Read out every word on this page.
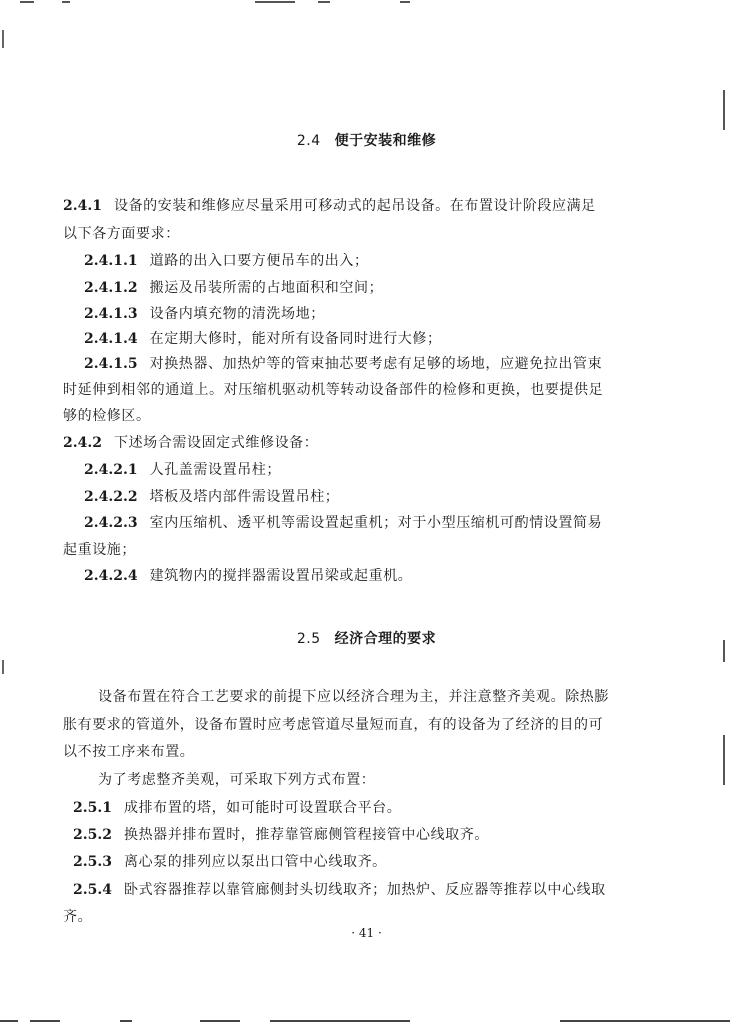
2.4 便于安装和维修
2.4.1 设备的安装和维修应尽量采用可移动式的起吊设备。在布置设计阶段应满足
以下各方面要求：
2.4.1.1 道路的出入口要方便吊车的出入；
2.4.1.2 搬运及吊装所需的占地面积和空间；
2.4.1.3 设备内填充物的清洗场地；
2.4.1.4 在定期大修时，能对所有设备同时进行大修；
2.4.1.5 对换热器、加热炉等的管束抽芯要考虑有足够的场地，应避免拉出管束
时延伸到相邻的通道上。对压缩机驱动机等转动设备部件的检修和更换，也要提供足
够的检修区。
2.4.2 下述场合需设固定式维修设备：
2.4.2.1 人孔盖需设置吊柱；
2.4.2.2 塔板及塔内部件需设置吊柱；
2.4.2.3 室内压缩机、透平机等需设置起重机；对于小型压缩机可酌情设置简易
起重设施；
2.4.2.4 建筑物内的搅拌器需设置吊梁或起重机。
2.5 经济合理的要求
设备布置在符合工艺要求的前提下应以经济合理为主，并注意整齐美观。除热膨
胀有要求的管道外，设备布置时应考虑管道尽量短而直，有的设备为了经济的目的可
以不按工序来布置。
为了考虑整齐美观，可采取下列方式布置：
2.5.1 成排布置的塔，如可能时可设置联合平台。
2.5.2 换热器并排布置时，推荐靠管廊侧管程接管中心线取齐。
2.5.3 离心泵的排列应以泵出口管中心线取齐。
2.5.4 卧式容器推荐以靠管廊侧封头切线取齐；加热炉、反应器等推荐以中心线取
齐。
· 41 ·
